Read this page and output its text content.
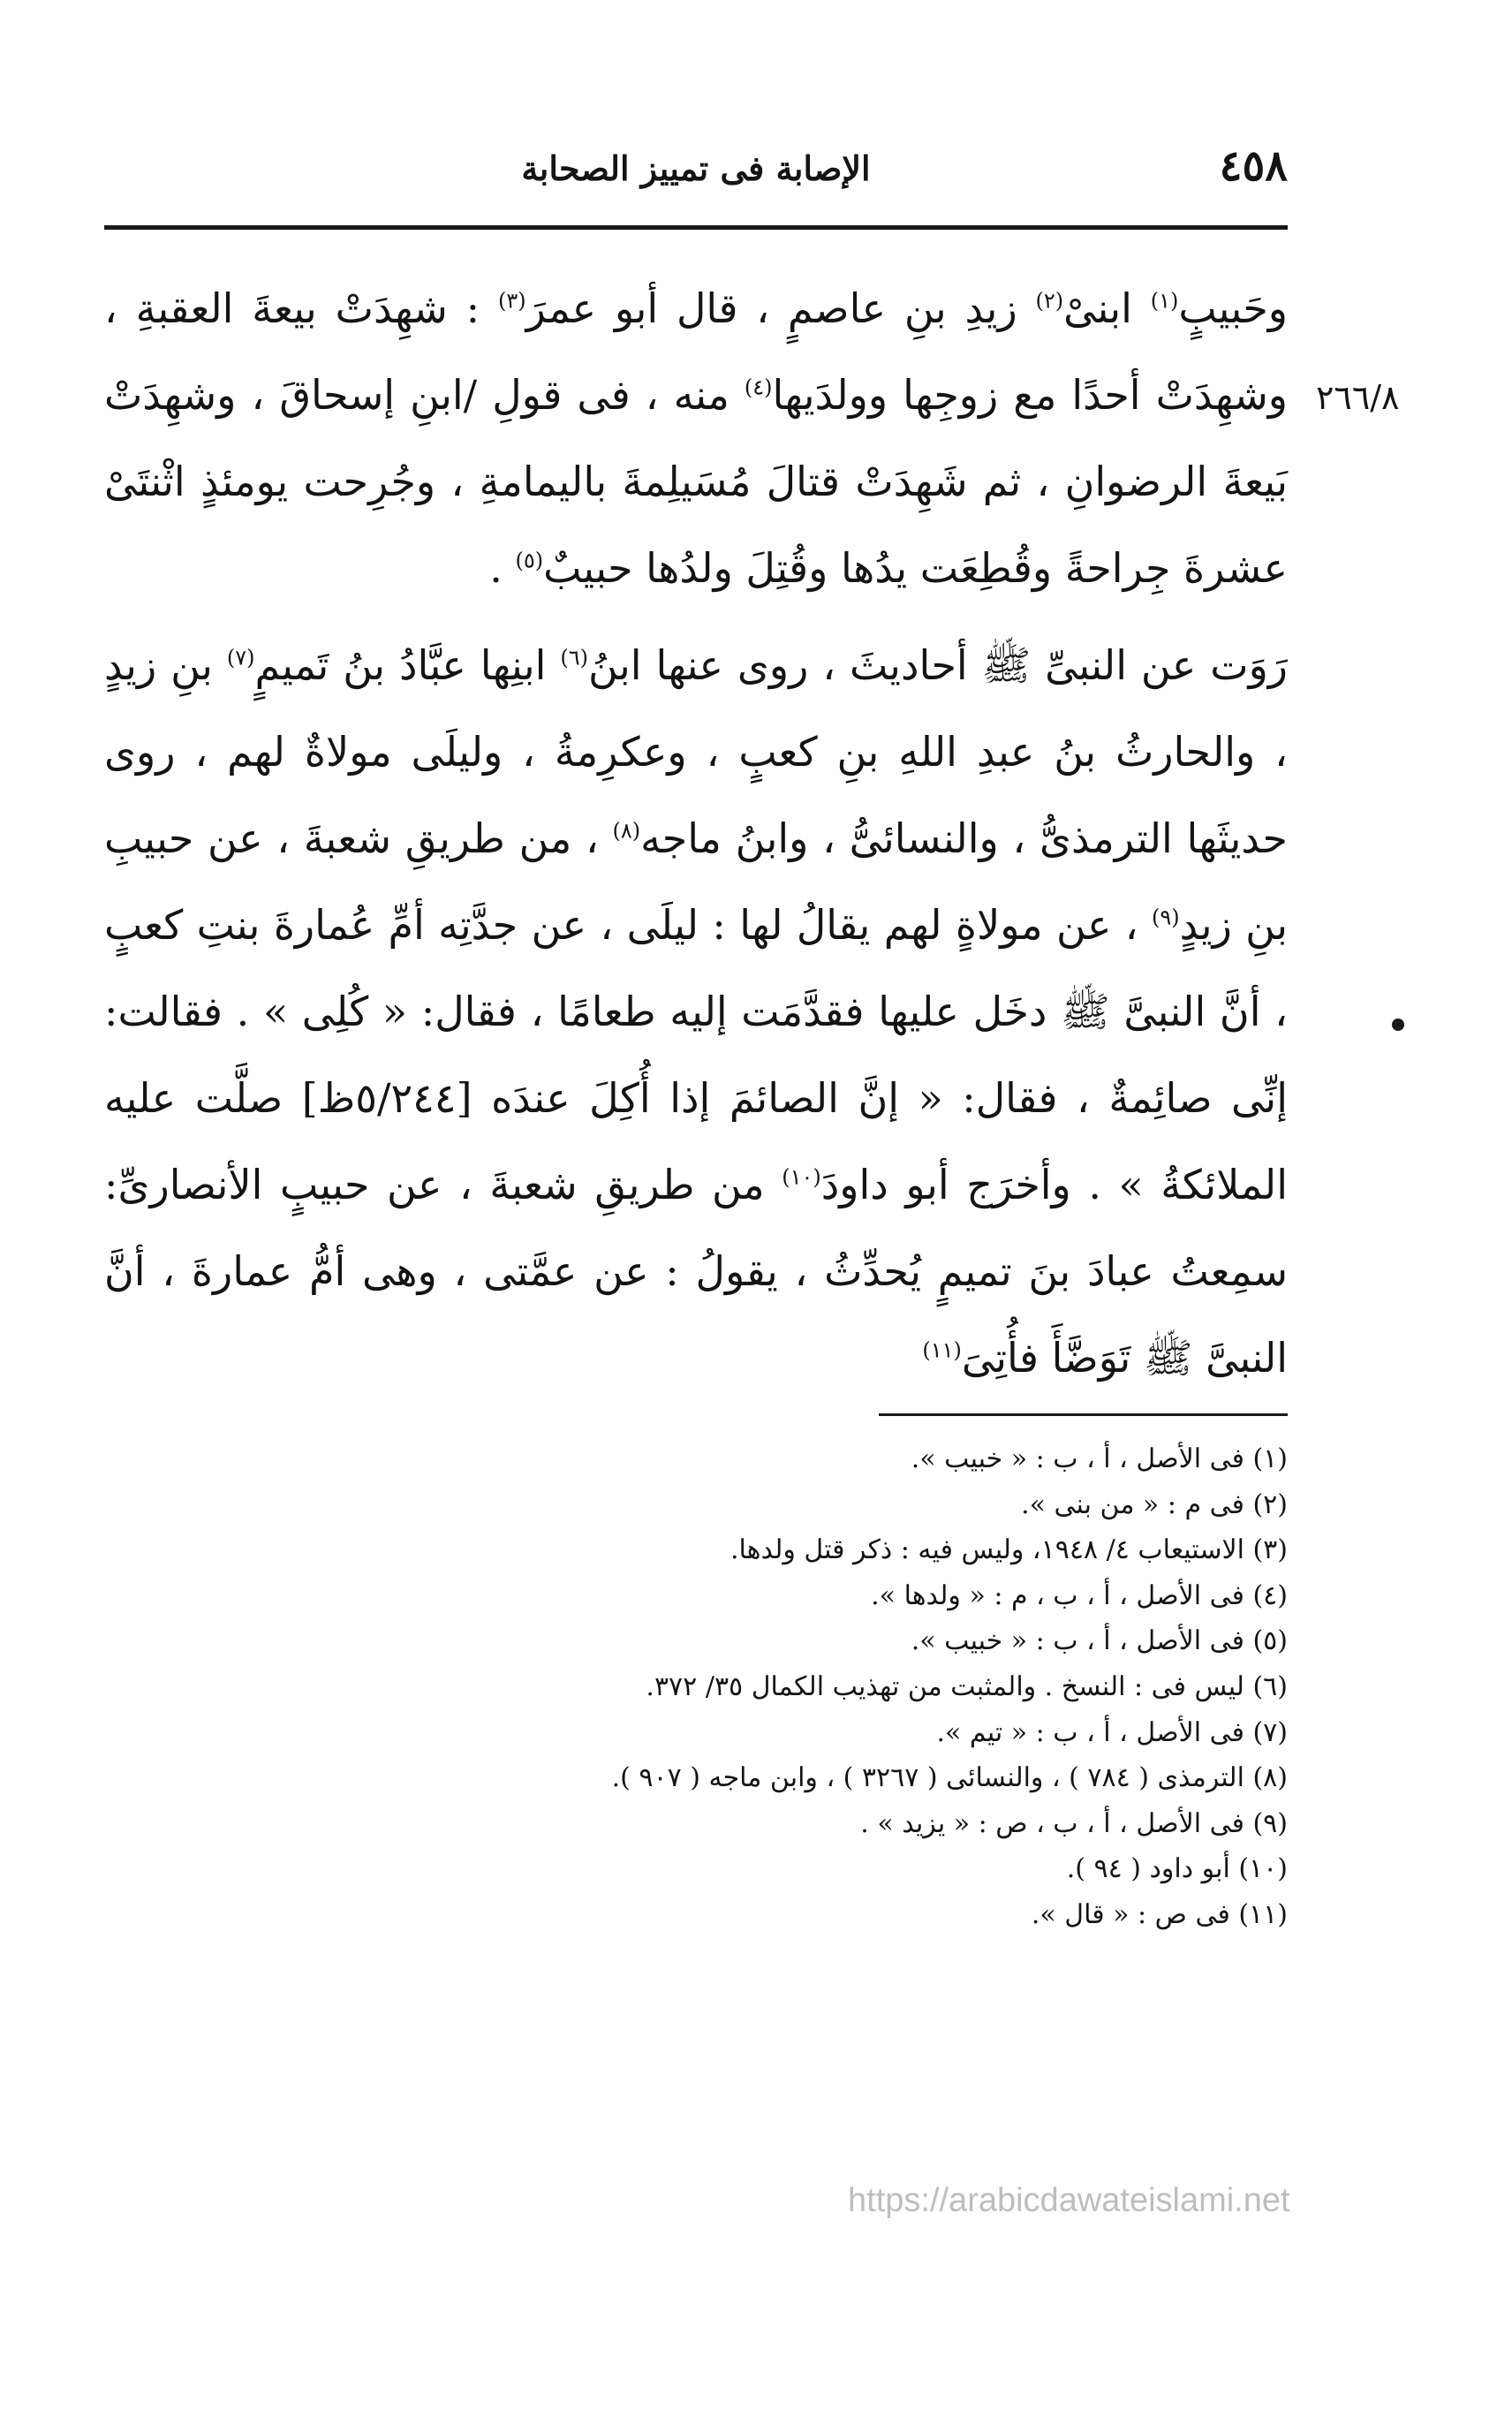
٤٥٨
الإصابة فى تمييز الصحابة
٢٦٦/٨

وحَبيبٍ$^{(١)}$ ابنىْ$^{(٢)}$ زيدِ بنِ عاصمٍ ، قال أبو عمرَ$^{(٣)}$ : شهِدَتْ بيعةَ العقبةِ ، وشهِدَتْ أحدًا مع زوجِها وولدَيها$^{(٤)}$ منه ، فى قولِ /ابنِ إسحاقَ ، وشهِدَتْ بَيعةَ الرضوانِ ، ثم شَهِدَتْ قتالَ مُسَيلِمةَ باليمامةِ ، وجُرِحت يومئذٍ اثْنتَىْ عشرةَ جِراحةً وقُطِعَت يدُها وقُتِلَ ولدُها حبيبٌ$^{(٥)}$ .

رَوَت عن النبىِّ ﷺ أحاديثَ ، روى عنها ابنُ$^{(٦)}$ ابنِها عبَّادُ بنُ تَميمٍ$^{(٧)}$ بنِ زيدٍ ، والحارثُ بنُ عبدِ اللهِ بنِ كعبٍ ، وعكرِمةُ ، وليلَى مولاةٌ لهم ، روى حديثَها الترمذىُّ ، والنسائىُّ ، وابنُ ماجه$^{(٨)}$ ، من طريقِ شعبةَ ، عن حبيبِ بنِ زيدٍ$^{(٩)}$ ، عن مولاةٍ لهم يقالُ لها : ليلَى ، عن جدَّتِه أمِّ عُمارةَ بنتِ كعبٍ ، أنَّ النبىَّ ﷺ دخَل عليها فقدَّمَت إليه طعامًا ، فقال: « كُلِى » . فقالت: إنِّى صائِمةٌ ، فقال: « إنَّ الصائمَ إذا أُكِلَ عندَه [٥/٢٤٤ظ] صلَّت عليه الملائكةُ » . وأخرَج أبو داودَ$^{(١٠)}$ من طريقِ شعبةَ ، عن حبيبٍ الأنصارىِّ: سمِعتُ عبادَ بنَ تميمٍ يُحدِّثُ ، يقولُ : عن عمَّتى ، وهى أمُّ عمارةَ ، أنَّ النبىَّ ﷺ تَوَضَّأَ فأُتِىَ$^{(١١)}$

(١) فى الأصل ، أ ، ب : « خبيب ».
(٢) فى م : « من بنى ».
(٣) الاستيعاب ٤/ ١٩٤٨، وليس فيه : ذكر قتل ولدها.
(٤) فى الأصل ، أ ، ب ، م : « ولدها ».
(٥) فى الأصل ، أ ، ب : « خبيب ».
(٦) ليس فى : النسخ . والمثبت من تهذيب الكمال ٣٥/ ٣٧٢.
(٧) فى الأصل ، أ ، ب : « تيم ».
(٨) الترمذى ( ٧٨٤ ) ، والنسائى ( ٣٢٦٧ ) ، وابن ماجه ( ٩٠٧ ).
(٩) فى الأصل ، أ ، ب ، ص : « يزيد » .
(١٠) أبو داود ( ٩٤ ).
(١١) فى ص : « قال ».
https://arabicdawateislami.net
